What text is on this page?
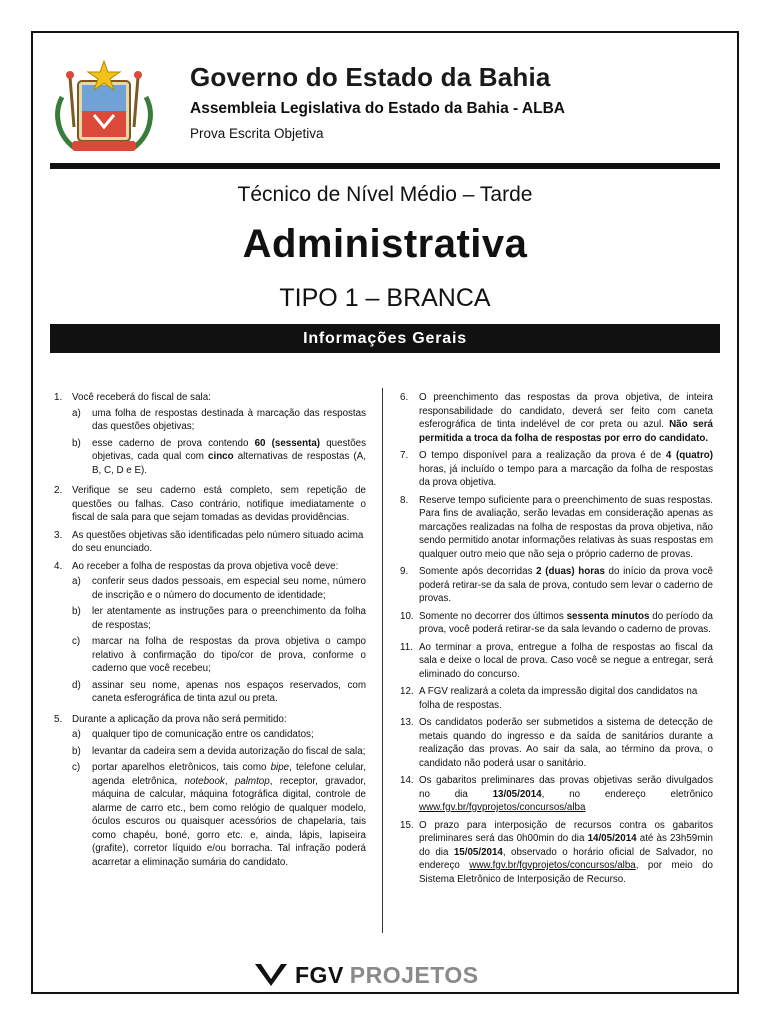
Governo do Estado da Bahia
Assembleia Legislativa do Estado da Bahia - ALBA
Prova Escrita Objetiva
Técnico de Nível Médio – Tarde
Administrativa
TIPO 1 – BRANCA
Informações Gerais
1.	Você receberá do fiscal de sala:
a)	uma folha de respostas destinada à marcação das respostas das questões objetivas;
b)	esse caderno de prova contendo 60 (sessenta) questões objetivas, cada qual com cinco alternativas de respostas (A, B, C, D e E).
2.	Verifique se seu caderno está completo, sem repetição de questões ou falhas. Caso contrário, notifique imediatamente o fiscal de sala para que sejam tomadas as devidas providências.
3.	As questões objetivas são identificadas pelo número situado acima do seu enunciado.
4.	Ao receber a folha de respostas da prova objetiva você deve:
a)	conferir seus dados pessoais, em especial seu nome, número de inscrição e o número do documento de identidade;
b)	ler atentamente as instruções para o preenchimento da folha de respostas;
c)	marcar na folha de respostas da prova objetiva o campo relativo à confirmação do tipo/cor de prova, conforme o caderno que você recebeu;
d)	assinar seu nome, apenas nos espaços reservados, com caneta esferográfica de tinta azul ou preta.
5.	Durante a aplicação da prova não será permitido:
a)	qualquer tipo de comunicação entre os candidatos;
b)	levantar da cadeira sem a devida autorização do fiscal de sala;
c)	portar aparelhos eletrônicos, tais como bipe, telefone celular, agenda eletrônica, notebook, palmtop, receptor, gravador, máquina de calcular, máquina fotográfica digital, controle de alarme de carro etc., bem como relógio de qualquer modelo, óculos escuros ou quaisquer acessórios de chapelaria, tais como chapéu, boné, gorro etc. e, ainda, lápis, lapiseira (grafite), corretor líquido e/ou borracha. Tal infração poderá acarretar a eliminação sumária do candidato.
6.	O preenchimento das respostas da prova objetiva, de inteira responsabilidade do candidato, deverá ser feito com caneta esferográfica de tinta indelével de cor preta ou azul. Não será permitida a troca da folha de respostas por erro do candidato.
7.	O tempo disponível para a realização da prova é de 4 (quatro) horas, já incluído o tempo para a marcação da folha de respostas da prova objetiva.
8.	Reserve tempo suficiente para o preenchimento de suas respostas. Para fins de avaliação, serão levadas em consideração apenas as marcações realizadas na folha de respostas da prova objetiva, não sendo permitido anotar informações relativas às suas respostas em qualquer outro meio que não seja o próprio caderno de provas.
9.	Somente após decorridas 2 (duas) horas do início da prova você poderá retirar-se da sala de prova, contudo sem levar o caderno de provas.
10. Somente no decorrer dos últimos sessenta minutos do período da prova, você poderá retirar-se da sala levando o caderno de provas.
11. Ao terminar a prova, entregue a folha de respostas ao fiscal da sala e deixe o local de prova. Caso você se negue a entregar, será eliminado do concurso.
12. A FGV realizará a coleta da impressão digital dos candidatos na folha de respostas.
13. Os candidatos poderão ser submetidos a sistema de detecção de metais quando do ingresso e da saída de sanitários durante a realização das provas. Ao sair da sala, ao término da prova, o candidato não poderá usar o sanitário.
14. Os gabaritos preliminares das provas objetivas serão divulgados no dia 13/05/2014, no endereço eletrônico www.fgv.br/fgvprojetos/concursos/alba
15. O prazo para interposição de recursos contra os gabaritos preliminares será das 0h00min do dia 14/05/2014 até às 23h59min do dia 15/05/2014, observado o horário oficial de Salvador, no endereço www.fgv.br/fgvprojetos/concursos/alba, por meio do Sistema Eletrônico de Interposição de Recurso.
FGV PROJETOS
